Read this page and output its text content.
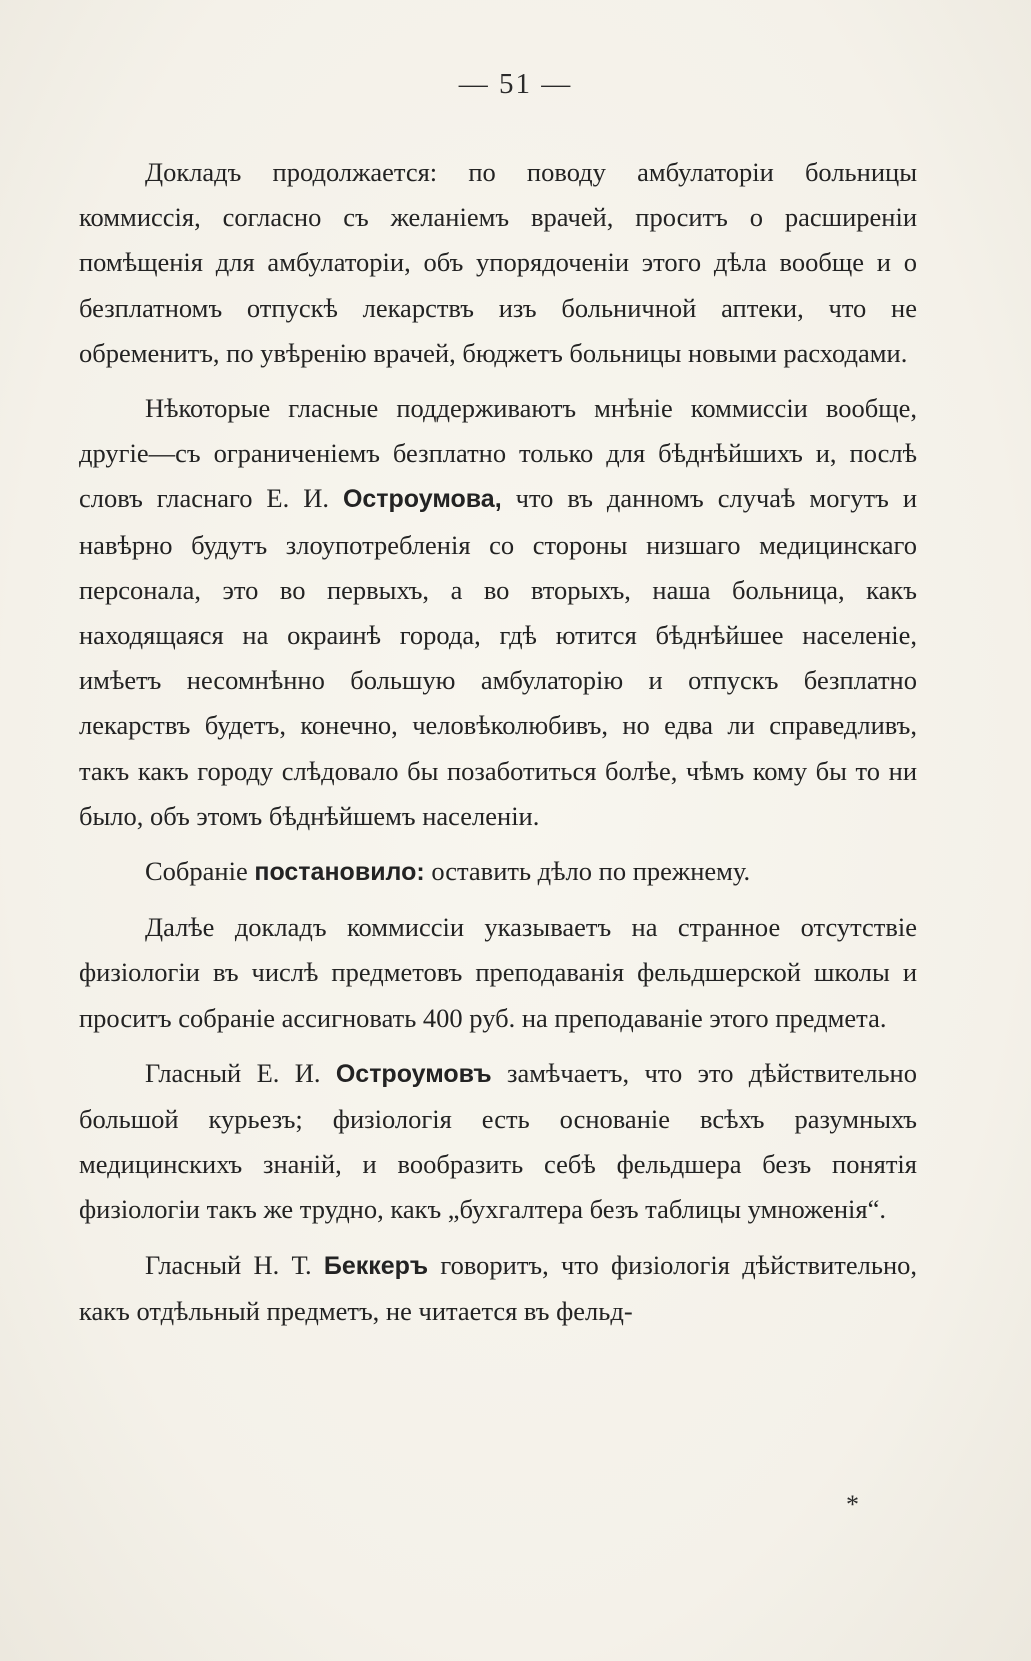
— 51 —

Докладъ продолжается: по поводу амбулаторіи больницы коммиссія, согласно съ желаніемъ врачей, проситъ о расширеніи помѣщенія для амбулаторіи, объ упорядоченіи этого дѣла вообще и о безплатномъ отпускѣ лекарствъ изъ больничной аптеки, что не обременитъ, по увѣренію врачей, бюджетъ больницы новыми расходами.

Нѣкоторые гласные поддерживаютъ мнѣніе коммиссіи вообще, другіе—съ ограниченіемъ безплатно только для бѣднѣйшихъ и, послѣ словъ гласнаго Е. И. Остроумова, что въ данномъ случаѣ могутъ и навѣрно будутъ злоупотребленія со стороны низшаго медицинскаго персонала, это во первыхъ, а во вторыхъ, наша больница, какъ находящаяся на окраинѣ города, гдѣ ютится бѣднѣйшее населеніе, имѣетъ несомнѣнно большую амбулаторію и отпускъ безплатно лекарствъ будетъ, конечно, человѣколюбивъ, но едва ли справедливъ, такъ какъ городу слѣдовало бы позаботиться болѣе, чѣмъ кому бы то ни было, объ этомъ бѣднѣйшемъ населеніи.

Собраніе постановило: оставить дѣло по прежнему.

Далѣе докладъ коммиссіи указываетъ на странное отсутствіе физіологіи въ числѣ предметовъ преподаванія фельдшерской школы и проситъ собраніе ассигновать 400 руб. на преподаваніе этого предмета.

Гласный Е. И. Остроумовъ замѣчаетъ, что это дѣйствительно большой курьезъ; физіологія есть основаніе всѣхъ разумныхъ медицинскихъ знаній, и вообразить себѣ фельдшера безъ понятія физіологіи такъ же трудно, какъ „бухгалтера безъ таблицы умноженія“.

Гласный Н. Т. Беккеръ говоритъ, что физіологія дѣйствительно, какъ отдѣльный предметъ, не читается въ фельд-

*
